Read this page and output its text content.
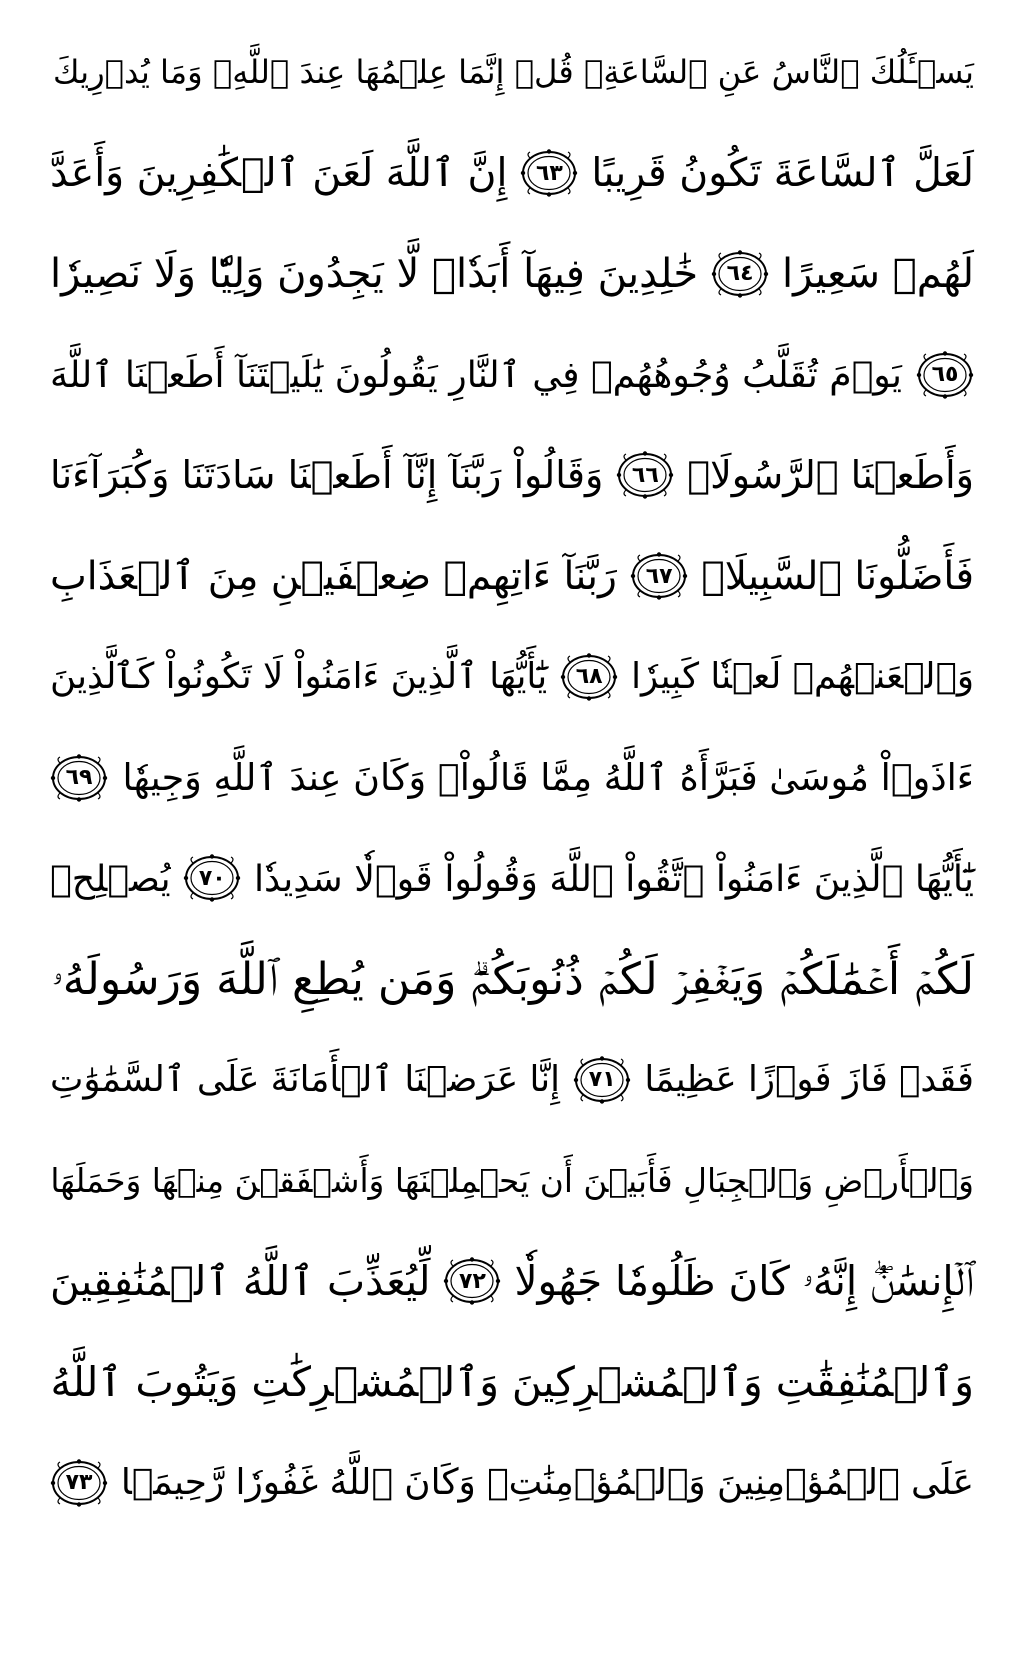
يَسۡـَٔلُكَ ٱلنَّاسُ عَنِ ٱلسَّاعَةِۖ قُلۡ إِنَّمَا عِلۡمُهَا عِندَ ٱللَّهِۚ وَمَا يُدۡرِيكَ
لَعَلَّ ٱلسَّاعَةَ تَكُونُ قَرِيبًا
٦٣
إِنَّ ٱللَّهَ لَعَنَ ٱلۡكَٰفِرِينَ وَأَعَدَّ
لَهُمۡ سَعِيرًا
٦٤
خَٰلِدِينَ فِيهَآ أَبَدٗاۖ لَّا يَجِدُونَ وَلِيّٗا وَلَا نَصِيرٗا
٦٥
يَوۡمَ تُقَلَّبُ وُجُوهُهُمۡ فِي ٱلنَّارِ يَقُولُونَ يَٰلَيۡتَنَآ أَطَعۡنَا ٱللَّهَ
وَأَطَعۡنَا ٱلرَّسُولَا۠
٦٦
وَقَالُواْ رَبَّنَآ إِنَّآ أَطَعۡنَا سَادَتَنَا وَكُبَرَآءَنَا
فَأَضَلُّونَا ٱلسَّبِيلَا۠
٦٧
رَبَّنَآ ءَاتِهِمۡ ضِعۡفَيۡنِ مِنَ ٱلۡعَذَابِ
وَٱلۡعَنۡهُمۡ لَعۡنٗا كَبِيرٗا
٦٨
يَٰٓأَيُّهَا ٱلَّذِينَ ءَامَنُواْ لَا تَكُونُواْ كَٱلَّذِينَ
ءَاذَوۡاْ مُوسَىٰ فَبَرَّأَهُ ٱللَّهُ مِمَّا قَالُواْۚ وَكَانَ عِندَ ٱللَّهِ وَجِيهٗا
٦٩
يَٰٓأَيُّهَا ٱلَّذِينَ ءَامَنُواْ ٱتَّقُواْ ٱللَّهَ وَقُولُواْ قَوۡلٗا سَدِيدٗا
٧٠
يُصۡلِحۡ
لَكُمۡ أَعۡمَٰلَكُمۡ وَيَغۡفِرۡ لَكُمۡ ذُنُوبَكُمۡۗ وَمَن يُطِعِ ٱللَّهَ وَرَسُولَهُۥ
فَقَدۡ فَازَ فَوۡزًا عَظِيمًا
٧١
إِنَّا عَرَضۡنَا ٱلۡأَمَانَةَ عَلَى ٱلسَّمَٰوَٰتِ
وَٱلۡأَرۡضِ وَٱلۡجِبَالِ فَأَبَيۡنَ أَن يَحۡمِلۡنَهَا وَأَشۡفَقۡنَ مِنۡهَا وَحَمَلَهَا
ٱلۡإِنسَٰنُۖ إِنَّهُۥ كَانَ ظَلُومٗا جَهُولٗا
٧٢
لِّيُعَذِّبَ ٱللَّهُ ٱلۡمُنَٰفِقِينَ
وَٱلۡمُنَٰفِقَٰتِ وَٱلۡمُشۡرِكِينَ وَٱلۡمُشۡرِكَٰتِ وَيَتُوبَ ٱللَّهُ
عَلَى ٱلۡمُؤۡمِنِينَ وَٱلۡمُؤۡمِنَٰتِۗ وَكَانَ ٱللَّهُ غَفُورٗا رَّحِيمَۢا
٧٣
